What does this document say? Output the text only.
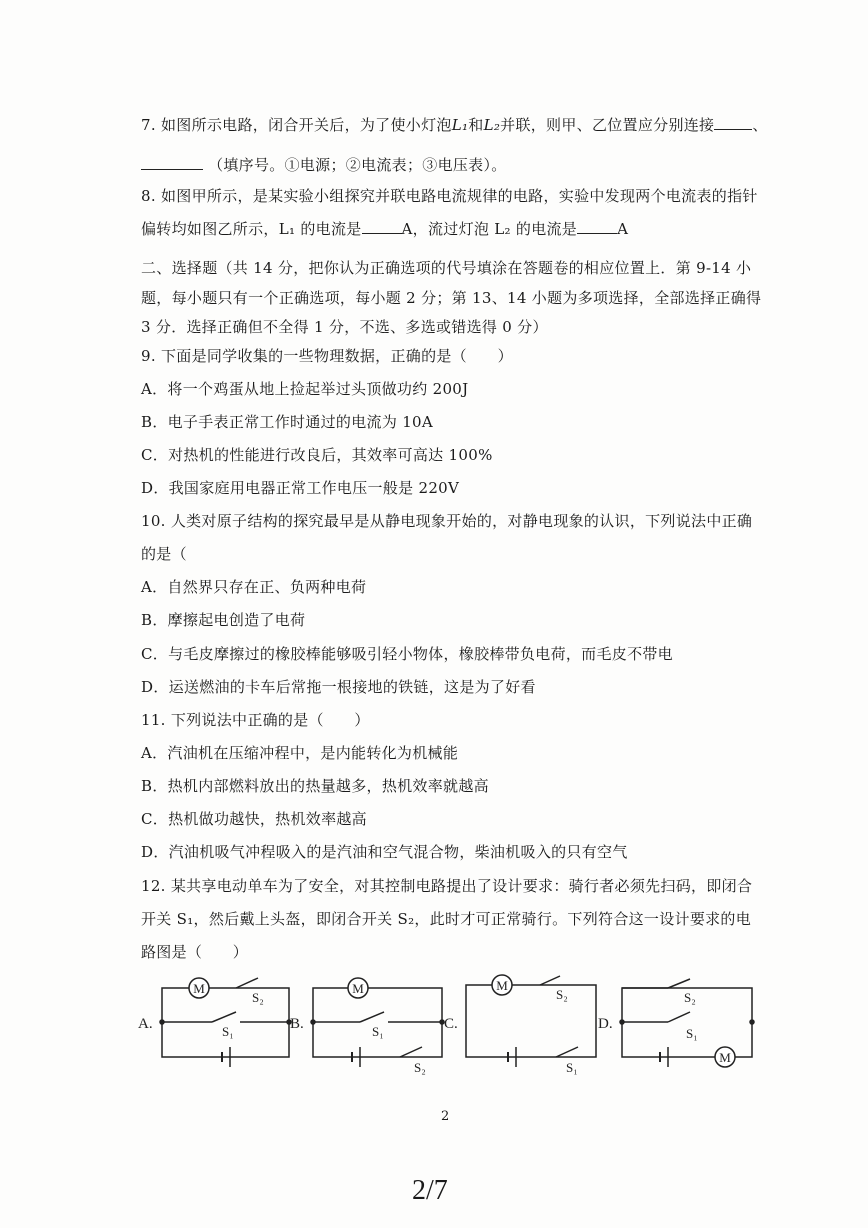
7. 如图所示电路，闭合开关后，为了使小灯泡L₁和L₂并联，则甲、乙位置应分别连接	、
（填序号。①电源；②电流表；③电压表）。
8. 如图甲所示，是某实验小组探究并联电路电流规律的电路，实验中发现两个电流表的指针
偏转均如图乙所示，L₁ 的电流是	A，流过灯泡 L₂ 的电流是	A
二、选择题（共 14 分，把你认为正确选项的代号填涂在答题卷的相应位置上．第 9-14 小
题，每小题只有一个正确选项，每小题 2 分；第 13、14 小题为多项选择，全部选择正确得
3 分．选择正确但不全得 1 分，不选、多选或错选得 0 分）
9. 下面是同学收集的一些物理数据，正确的是（　　）
A．将一个鸡蛋从地上捡起举过头顶做功约 200J
B．电子手表正常工作时通过的电流为 10A
C．对热机的性能进行改良后，其效率可高达 100%
D．我国家庭用电器正常工作电压一般是 220V
10. 人类对原子结构的探究最早是从静电现象开始的，对静电现象的认识，下列说法中正确
的是（
A．自然界只存在正、负两种电荷
B．摩擦起电创造了电荷
C．与毛皮摩擦过的橡胶棒能够吸引轻小物体，橡胶棒带负电荷，而毛皮不带电
D．运送燃油的卡车后常拖一根接地的铁链，这是为了好看
11. 下列说法中正确的是（　　）
A．汽油机在压缩冲程中，是内能转化为机械能
B．热机内部燃料放出的热量越多，热机效率就越高
C．热机做功越快，热机效率越高
D．汽油机吸气冲程吸入的是汽油和空气混合物，柴油机吸入的只有空气
12. 某共享电动单车为了安全，对其控制电路提出了设计要求：骑行者必须先扫码，即闭合
开关 S₁，然后戴上头盔，即闭合开关 S₂，此时才可正常骑行。下列符合这一设计要求的电
路图是（　　）
M	M	M
M
A.	B.	C.	D.
S₂
S₁	S₁
S₂
S₂
S₁
S₂
S₁
2
2/7
